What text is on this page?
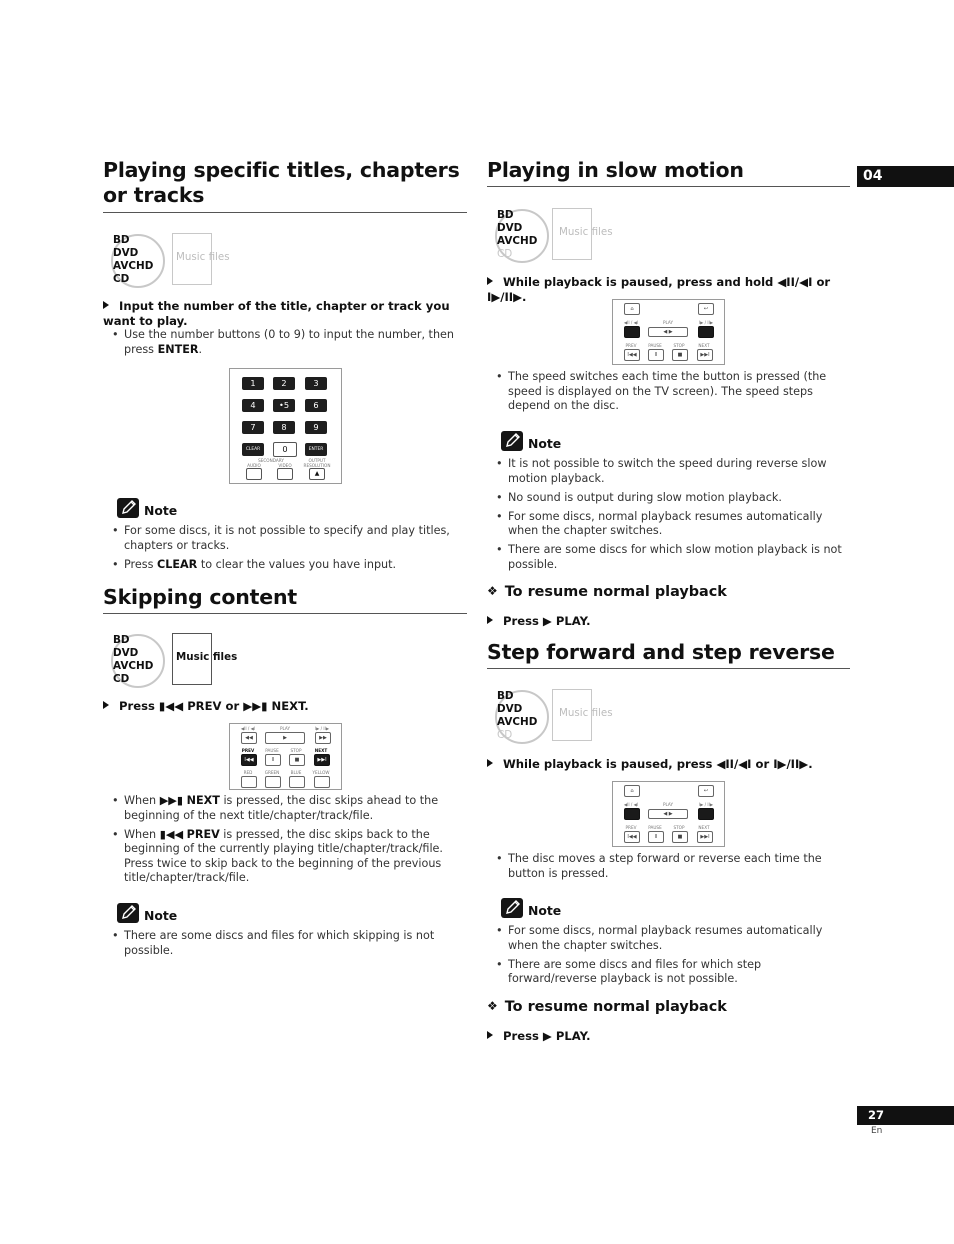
Playing specific titles, chapters or tracks
BD
DVD
AVCHD
CD
Music files
Input the number of the title, chapter or track you want to play.
• Use the number buttons (0 to 9) to input the number, then press ENTER.
1	2	3
4	•5	6
7	8	9
CLEAR	0	ENTER
SECONDARY
AUDIO	VIDEO
OUTPUT RESOLUTION
▲
Note
• For some discs, it is not possible to specify and play titles, chapters or tracks.
• Press CLEAR to clear the values you have input.
Skipping content
BD
DVD
AVCHD
CD
Music files
Press ▮◀◀ PREV or ▶▶▮ NEXT.
◀II / ◀I	PLAY	I▶ / II▶
◀◀	▶	▶▶
PREV	PAUSE	STOP	NEXT
I◀◀	II	■	▶▶I
RED	GREEN	BLUE	YELLOW
• When ▶▶▮ NEXT is pressed, the disc skips ahead to the beginning of the next title/chapter/track/file.
• When ▮◀◀ PREV is pressed, the disc skips back to the beginning of the currently playing title/chapter/track/file. Press twice to skip back to the beginning of the previous title/chapter/track/file.
Note
• There are some discs and files for which skipping is not possible.
Playing in slow motion	04
BD
DVD
AVCHD
CD
Music files
While playback is paused, press and hold ◀II/◀I or I▶/II▶.
⌂	↩
◀II / ◀I	PLAY	I▶ / II▶
◀ ▶
PREV	PAUSE	STOP	NEXT
I◀◀	II	■	▶▶I
• The speed switches each time the button is pressed (the speed is displayed on the TV screen). The speed steps depend on the disc.
Note
• It is not possible to switch the speed during reverse slow motion playback.
• No sound is output during slow motion playback.
• For some discs, normal playback resumes automatically when the chapter switches.
• There are some discs for which slow motion playback is not possible.
❖ To resume normal playback
Press ▶ PLAY.
Step forward and step reverse
BD
DVD
AVCHD
CD
Music files
While playback is paused, press ◀II/◀I or I▶/II▶.
⌂	↩
◀II / ◀I	PLAY	I▶ / II▶
◀ ▶
PREV	PAUSE	STOP	NEXT
I◀◀	II	■	▶▶I
• The disc moves a step forward or reverse each time the button is pressed.
Note
• For some discs, normal playback resumes automatically when the chapter switches.
• There are some discs and files for which step forward/reverse playback is not possible.
❖ To resume normal playback
Press ▶ PLAY.
27
En
